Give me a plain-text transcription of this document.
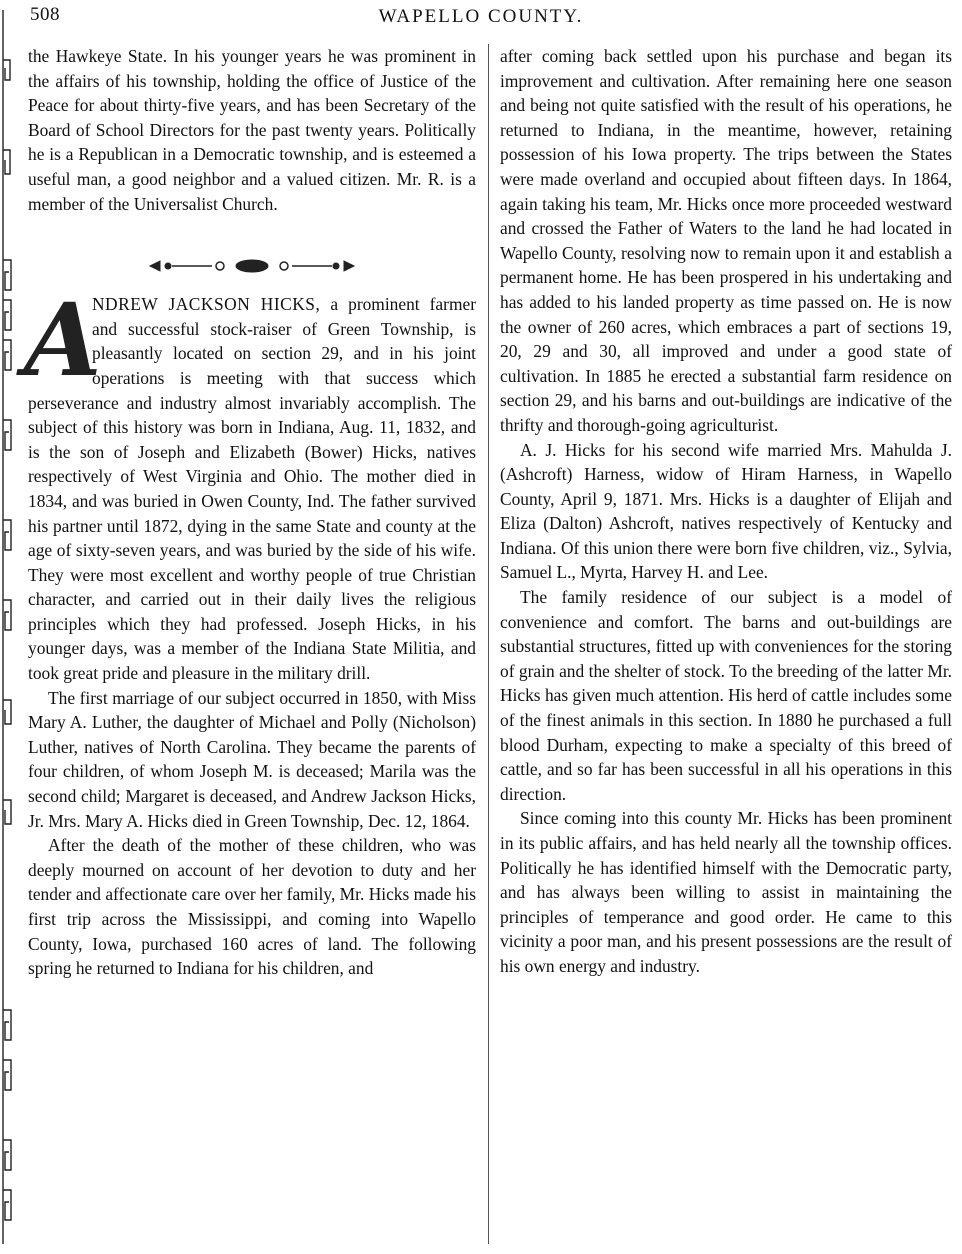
508	WAPELLO COUNTY.

the Hawkeye State. In his younger years he was prominent in the affairs of his township, holding the office of Justice of the Peace for about thirty-five years, and has been Secretary of the Board of School Directors for the past twenty years. Politically he is a Republican in a Democratic township, and is esteemed a useful man, a good neighbor and a valued citizen. Mr. R. is a member of the Universalist Church.

A
NDREW JACKSON HICKS, a prominent farmer and successful stock-raiser of Green Township, is pleasantly located on section 29, and in his joint operations is meeting with that success which perseverance and industry almost invariably accomplish. The subject of this history was born in Indiana, Aug. 11, 1832, and is the son of Joseph and Elizabeth (Bower) Hicks, natives respectively of West Virginia and Ohio. The mother died in 1834, and was buried in Owen County, Ind. The father survived his partner until 1872, dying in the same State and county at the age of sixty-seven years, and was buried by the side of his wife. They were most excellent and worthy people of true Christian character, and carried out in their daily lives the religious principles which they had professed. Joseph Hicks, in his younger days, was a member of the Indiana State Militia, and took great pride and pleasure in the military drill.

The first marriage of our subject occurred in 1850, with Miss Mary A. Luther, the daughter of Michael and Polly (Nicholson) Luther, natives of North Carolina. They became the parents of four children, of whom Joseph M. is deceased; Marila was the second child; Margaret is deceased, and Andrew Jackson Hicks, Jr. Mrs. Mary A. Hicks died in Green Township, Dec. 12, 1864.

After the death of the mother of these children, who was deeply mourned on account of her devotion to duty and her tender and affectionate care over her family, Mr. Hicks made his first trip across the Mississippi, and coming into Wapello County, Iowa, purchased 160 acres of land. The following spring he returned to Indiana for his children, and

after coming back settled upon his purchase and began its improvement and cultivation. After remaining here one season and being not quite satisfied with the result of his operations, he returned to Indiana, in the meantime, however, retaining possession of his Iowa property. The trips between the States were made overland and occupied about fifteen days. In 1864, again taking his team, Mr. Hicks once more proceeded westward and crossed the Father of Waters to the land he had located in Wapello County, resolving now to remain upon it and establish a permanent home. He has been prospered in his undertaking and has added to his landed property as time passed on. He is now the owner of 260 acres, which embraces a part of sections 19, 20, 29 and 30, all improved and under a good state of cultivation. In 1885 he erected a substantial farm residence on section 29, and his barns and out-buildings are indicative of the thrifty and thorough-going agriculturist.

A. J. Hicks for his second wife married Mrs. Mahulda J. (Ashcroft) Harness, widow of Hiram Harness, in Wapello County, April 9, 1871. Mrs. Hicks is a daughter of Elijah and Eliza (Dalton) Ashcroft, natives respectively of Kentucky and Indiana. Of this union there were born five children, viz., Sylvia, Samuel L., Myrta, Harvey H. and Lee.

The family residence of our subject is a model of convenience and comfort. The barns and out-buildings are substantial structures, fitted up with conveniences for the storing of grain and the shelter of stock. To the breeding of the latter Mr. Hicks has given much attention. His herd of cattle includes some of the finest animals in this section. In 1880 he purchased a full blood Durham, expecting to make a specialty of this breed of cattle, and so far has been successful in all his operations in this direction.

Since coming into this county Mr. Hicks has been prominent in its public affairs, and has held nearly all the township offices. Politically he has identified himself with the Democratic party, and has always been willing to assist in maintaining the principles of temperance and good order. He came to this vicinity a poor man, and his present possessions are the result of his own energy and industry.
